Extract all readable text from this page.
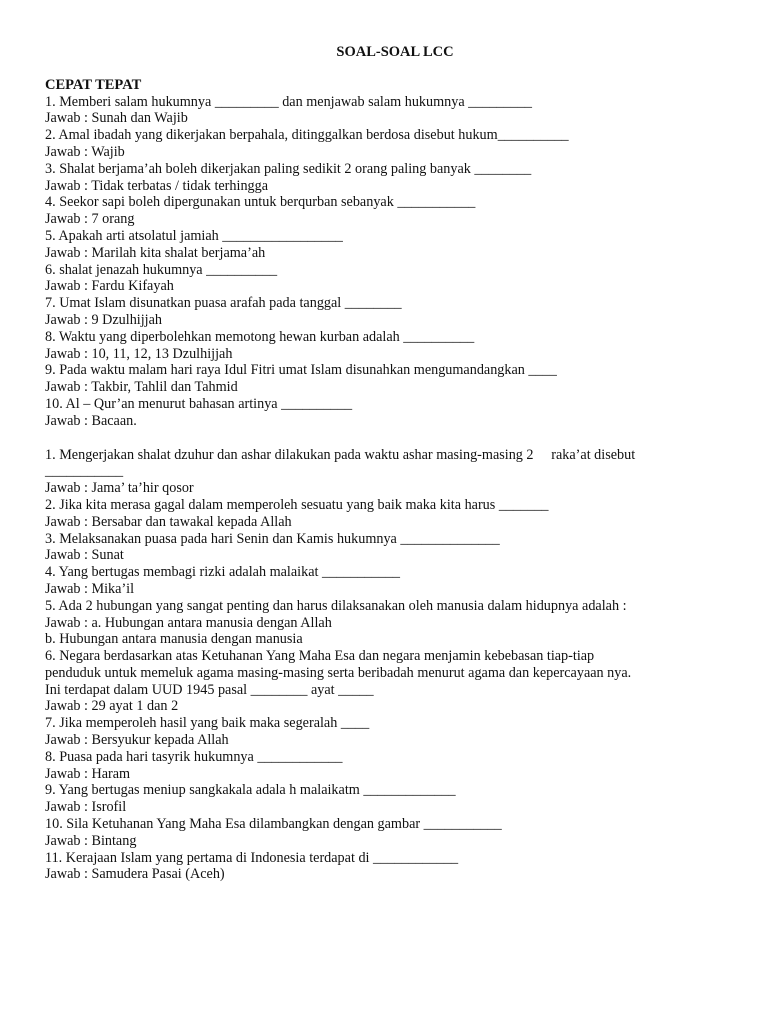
SOAL-SOAL LCC
CEPAT TEPAT
1. Memberi salam hukumnya _________ dan menjawab salam hukumnya _________
Jawab : Sunah dan Wajib
2. Amal ibadah yang dikerjakan berpahala, ditinggalkan berdosa disebut hukum__________
Jawab : Wajib
3. Shalat berjama’ah boleh dikerjakan paling sedikit 2 orang paling banyak ________
Jawab : Tidak terbatas / tidak terhingga
4. Seekor sapi boleh dipergunakan untuk berqurban sebanyak ___________
Jawab : 7 orang
5. Apakah arti atsolatul jamiah _________________
Jawab : Marilah kita shalat berjama’ah
6. shalat jenazah hukumnya __________
Jawab : Fardu Kifayah
7. Umat Islam disunatkan puasa arafah pada tanggal ________
Jawab : 9 Dzulhijjah
8. Waktu yang diperbolehkan memotong hewan kurban adalah __________
Jawab : 10, 11, 12, 13 Dzulhijjah
9. Pada waktu malam hari raya Idul Fitri umat Islam disunahkan mengumandangkan ____
Jawab : Takbir, Tahlil dan Tahmid
10. Al – Qur’an menurut bahasan artinya __________
Jawab : Bacaan.
1. Mengerjakan shalat dzuhur dan ashar dilakukan pada waktu ashar masing-masing 2     raka’at disebut
___________
Jawab : Jama’ ta’hir qosor
2. Jika kita merasa gagal dalam memperoleh sesuatu yang baik maka kita harus _______
Jawab : Bersabar dan tawakal kepada Allah
3. Melaksanakan puasa pada hari Senin dan Kamis hukumnya ______________
Jawab : Sunat
4. Yang bertugas membagi rizki adalah malaikat ___________
Jawab : Mika’il
5. Ada 2 hubungan yang sangat penting dan harus dilaksanakan oleh manusia dalam hidupnya adalah :
Jawab : a. Hubungan antara manusia dengan Allah
b. Hubungan antara manusia dengan manusia
6. Negara berdasarkan atas Ketuhanan Yang Maha Esa dan negara menjamin kebebasan tiap-tiap
penduduk untuk memeluk agama masing-masing serta beribadah menurut agama dan kepercayaan nya.
Ini terdapat dalam UUD 1945 pasal ________ ayat _____
Jawab : 29 ayat 1 dan 2
7. Jika memperoleh hasil yang baik maka segeralah ____
Jawab : Bersyukur kepada Allah
8. Puasa pada hari tasyrik hukumnya ____________
Jawab : Haram
9. Yang bertugas meniup sangkakala adala h malaikatm _____________
Jawab : Isrofil
10. Sila Ketuhanan Yang Maha Esa dilambangkan dengan gambar ___________
Jawab : Bintang
11. Kerajaan Islam yang pertama di Indonesia terdapat di ____________
Jawab : Samudera Pasai (Aceh)
